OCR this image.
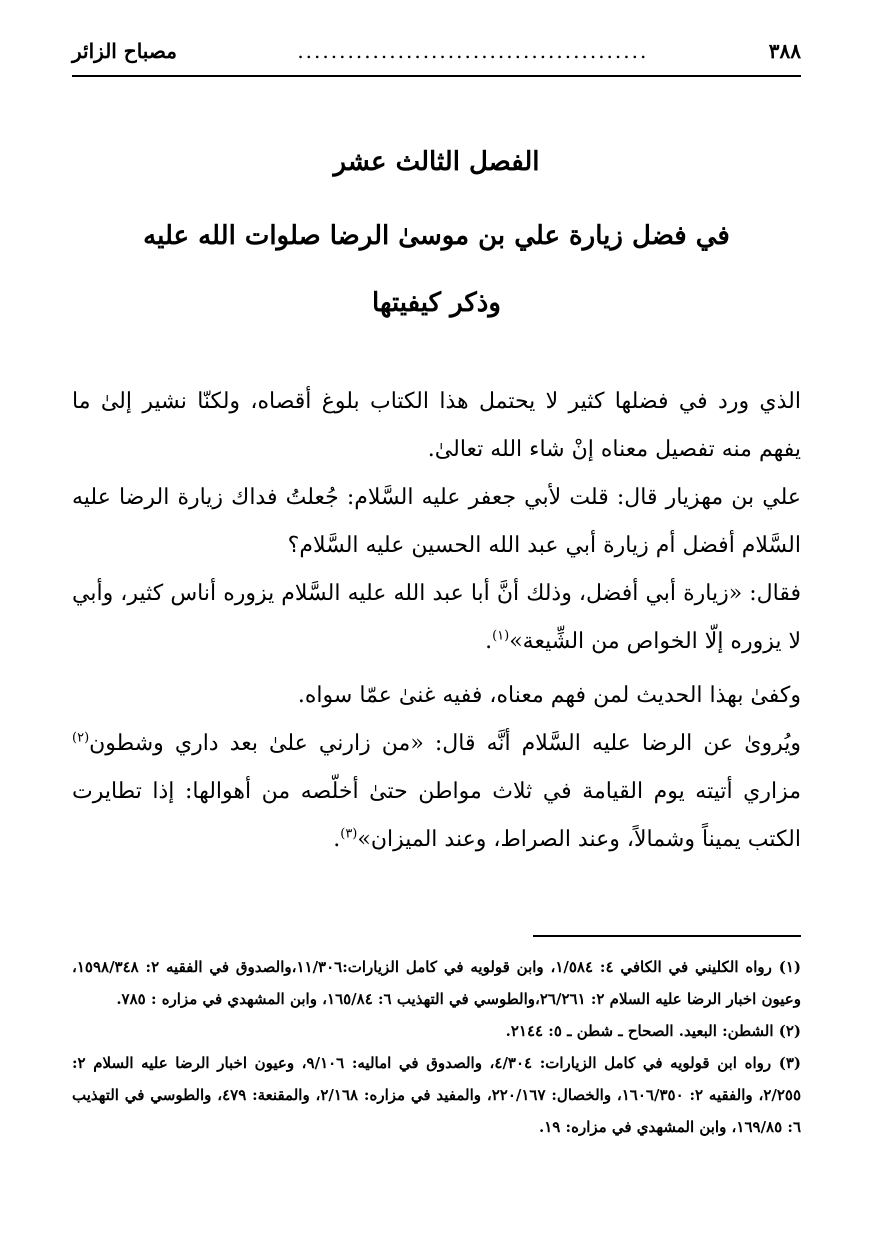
٣٨٨
..........................................
مصباح الزائر
الفصل الثالث عشر
في فضل زيارة علي بن موسىٰ الرضا صلوات الله عليه
وذكر كيفيتها

الذي ورد في فضلها كثير لا يحتمل هذا الكتاب بلوغ أقصاه، ولكنّا نشير إلىٰ ما يفهم منه تفصيل معناه إنْ شاء الله تعالىٰ.

علي بن مهزيار قال: قلت لأبي جعفر عليه السَّلام: جُعلتُ فداك زيارة الرضا عليه السَّلام أفضل أم زيارة أبي عبد الله الحسين عليه السَّلام؟

فقال: «زيارة أبي أفضل، وذلك أنَّ أبا عبد الله عليه السَّلام يزوره أناس كثير، وأبي لا يزوره إلّا الخواص من الشِّيعة»$^{(١)}$.

وكفىٰ بهذا الحديث لمن فهم معناه، ففيه غنىٰ عمّا سواه.

ويُروىٰ عن الرضا عليه السَّلام أنَّه قال: «من زارني علىٰ بعد داري وشطون$^{(٢)}$ مزاري أتيته يوم القيامة في ثلاث مواطن حتىٰ أخلّصه من أهوالها: إذا تطايرت الكتب يميناً وشمالاً، وعند الصراط، وعند الميزان»$^{(٣)}$.

(١) رواه الكليني في الكافي ٤: ١/٥٨٤، وابن قولويه في كامل الزيارات:١١/٣٠٦،والصدوق في الفقيه ٢: ١٥٩٨/٣٤٨، وعيون اخبار الرضا عليه السلام ٢: ٢٦/٢٦١،والطوسي في التهذيب ٦: ١٦٥/٨٤، وابن المشهدي في مزاره : ٧٨٥.

(٢) الشطن: البعيد. الصحاح ـ شطن ـ ٥: ٢١٤٤.

(٣) رواه ابن قولويه في كامل الزيارات: ٤/٣٠٤، والصدوق في اماليه: ٩/١٠٦، وعيون اخبار الرضا عليه السلام ٢: ٢/٢٥٥، والفقيه ٢: ١٦٠٦/٣٥٠، والخصال: ٢٢٠/١٦٧، والمفيد في مزاره: ٢/١٦٨، والمقنعة: ٤٧٩، والطوسي في التهذيب ٦: ١٦٩/٨٥، وابن المشهدي في مزاره: ١٩.
